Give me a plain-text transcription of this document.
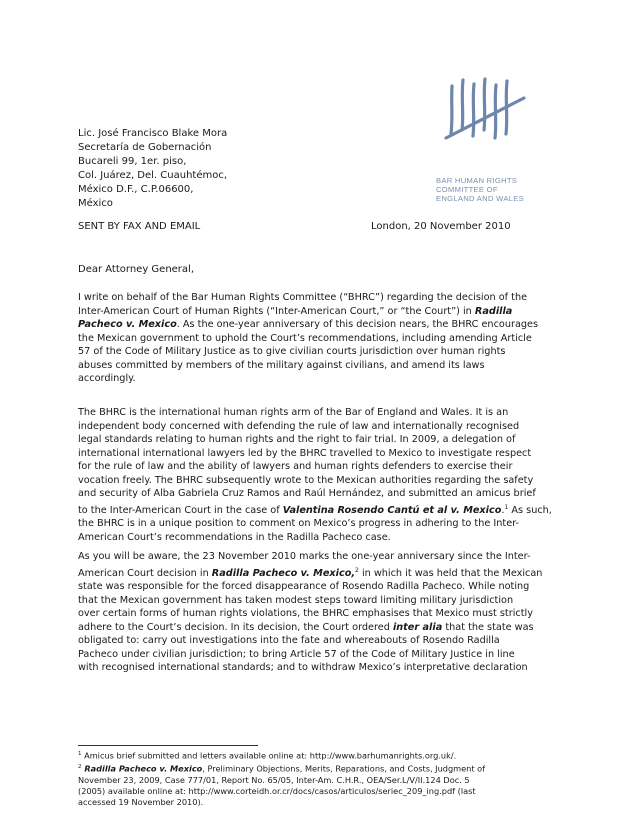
BAR HUMAN RIGHTS
COMMITTEE OF
ENGLAND AND WALES
Lic. José Francisco Blake Mora
Secretaría de Gobernación
Bucareli 99, 1er. piso,
Col. Juárez, Del. Cuauhtémoc,
México D.F., C.P.06600,
México
SENT BY FAX AND EMAIL	London, 20 November 2010
Dear Attorney General,
I write on behalf of the Bar Human Rights Committee (“BHRC”) regarding the decision of the
Inter-American Court of Human Rights (“Inter-American Court,” or “the Court”) in Radilla
Pacheco v. Mexico. As the one-year anniversary of this decision nears, the BHRC encourages
the Mexican government to uphold the Court’s recommendations, including amending Article
57 of the Code of Military Justice as to give civilian courts jurisdiction over human rights
abuses committed by members of the military against civilians, and amend its laws
accordingly.
The BHRC is the international human rights arm of the Bar of England and Wales. It is an
independent body concerned with defending the rule of law and internationally recognised
legal standards relating to human rights and the right to fair trial. In 2009, a delegation of
international international lawyers led by the BHRC travelled to Mexico to investigate respect
for the rule of law and the ability of lawyers and human rights defenders to exercise their
vocation freely. The BHRC subsequently wrote to the Mexican authorities regarding the safety
and security of Alba Gabriela Cruz Ramos and Raúl Hernández, and submitted an amicus brief
to the Inter-American Court in the case of Valentina Rosendo Cantú et al v. Mexico.$^1$ As such,
the BHRC is in a unique position to comment on Mexico’s progress in adhering to the Inter-
American Court’s recommendations in the Radilla Pacheco case.
As you will be aware, the 23 November 2010 marks the one-year anniversary since the Inter-
American Court decision in Radilla Pacheco v. Mexico,$^2$ in which it was held that the Mexican
state was responsible for the forced disappearance of Rosendo Radilla Pacheco. While noting
that the Mexican government has taken modest steps toward limiting military jurisdiction
over certain forms of human rights violations, the BHRC emphasises that Mexico must strictly
adhere to the Court’s decision. In its decision, the Court ordered inter alia that the state was
obligated to: carry out investigations into the fate and whereabouts of Rosendo Radilla
Pacheco under civilian jurisdiction; to bring Article 57 of the Code of Military Justice in line
with recognised international standards; and to withdraw Mexico’s interpretative declaration
$^1$ Amicus brief submitted and letters available online at: http://www.barhumanrights.org.uk/.
$^2$ Radilla Pacheco v. Mexico, Preliminary Objections, Merits, Reparations, and Costs, Judgment of
November 23, 2009, Case 777/01, Report No. 65/05, Inter-Am. C.H.R., OEA/Ser.L/V/II.124 Doc. 5
(2005) available online at: http://www.corteidh.or.cr/docs/casos/articulos/seriec_209_ing.pdf (last
accessed 19 November 2010).
